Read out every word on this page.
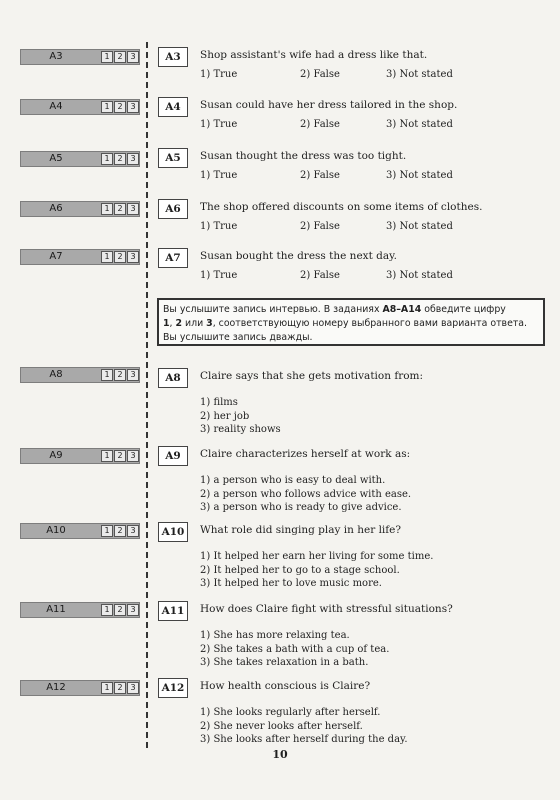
A3	1 2 3
A4	1 2 3
A5	1 2 3
A6	1 2 3
A7	1 2 3
A8	1 2 3
A9	1 2 3
A10	1 2 3
A11	1 2 3
A12	1 2 3
A3	Shop assistant's wife had a dress like that.
1) True	2) False	3) Not stated
A4	Susan could have her dress tailored in the shop.
1) True	2) False	3) Not stated
A5	Susan thought the dress was too tight.
1) True	2) False	3) Not stated
A6	The shop offered discounts on some items of clothes.
1) True	2) False	3) Not stated
A7	Susan bought the dress the next day.
1) True	2) False	3) Not stated

Вы услышите запись интервью. В заданиях А8–А14 обведите цифру

1, 2 или 3, соответствующую номеру выбранного вами варианта ответа.

Вы услышите запись дважды.

A8	Claire says that she gets motivation from:
1) films
2) her job
3) reality shows
A9	Claire characterizes herself at work as:
1) a person who is easy to deal with.
2) a person who follows advice with ease.
3) a person who is ready to give advice.
A10	What role did singing play in her life?
1) It helped her earn her living for some time.
2) It helped her to go to a stage school.
3) It helped her to love music more.
A11	How does Claire fight with stressful situations?
1) She has more relaxing tea.
2) She takes a bath with a cup of tea.
3) She takes relaxation in a bath.
A12	How health conscious is Claire?
1) She looks regularly after herself.
2) She never looks after herself.
3) She looks after herself during the day.
10
